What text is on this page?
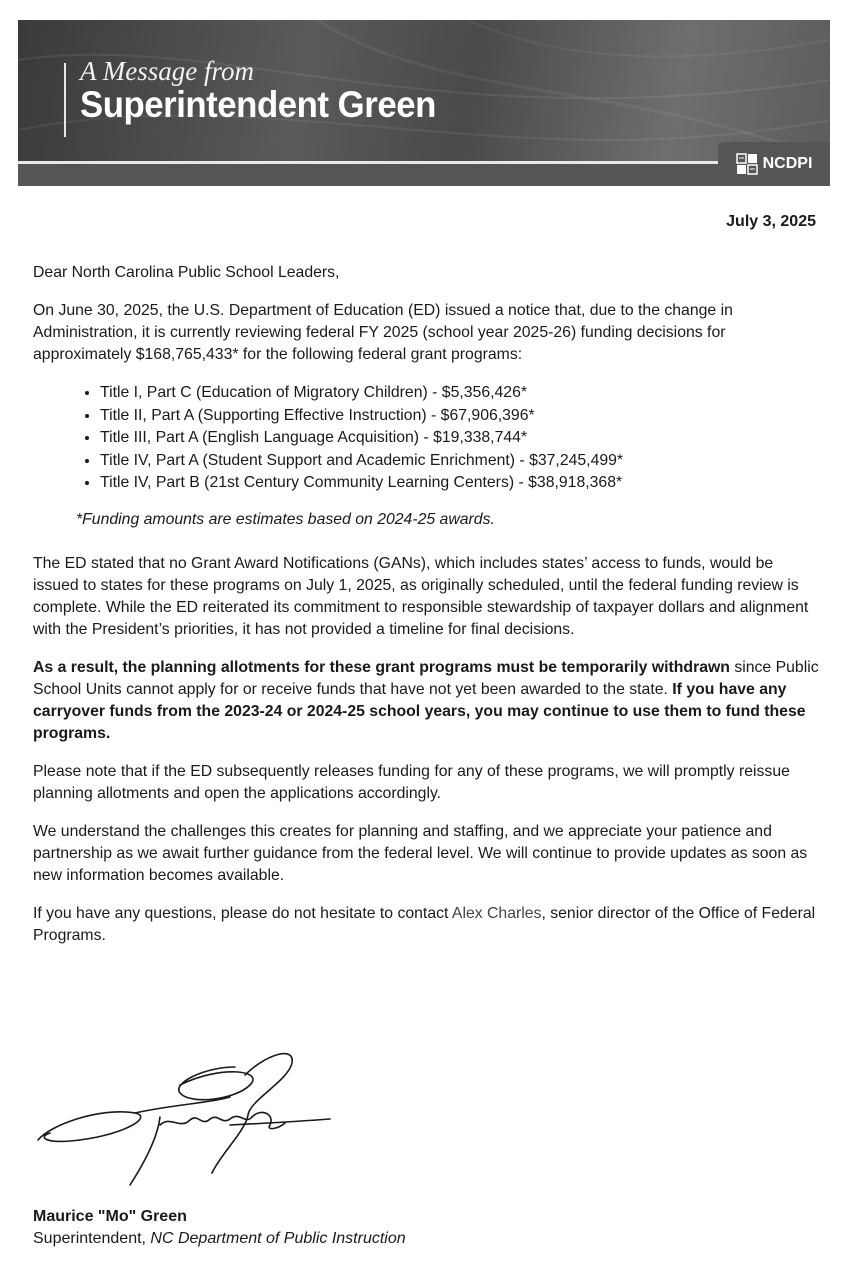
A Message from
Superintendent Green
NCDPI
July 3, 2025

Dear North Carolina Public School Leaders,

On June 30, 2025, the U.S. Department of Education (ED) issued a notice that, due to the change in Administration, it is currently reviewing federal FY 2025 (school year 2025-26) funding decisions for approximately $168,765,433* for the following federal grant programs:

• Title I, Part C (Education of Migratory Children) - $5,356,426*
• Title II, Part A (Supporting Effective Instruction) - $67,906,396*
• Title III, Part A (English Language Acquisition) - $19,338,744*
• Title IV, Part A (Student Support and Academic Enrichment) - $37,245,499*
• Title IV, Part B (21st Century Community Learning Centers) - $38,918,368*

*Funding amounts are estimates based on 2024-25 awards.

The ED stated that no Grant Award Notifications (GANs), which includes states’ access to funds, would be issued to states for these programs on July 1, 2025, as originally scheduled, until the federal funding review is complete. While the ED reiterated its commitment to responsible stewardship of taxpayer dollars and alignment with the President’s priorities, it has not provided a timeline for final decisions.

As a result, the planning allotments for these grant programs must be temporarily withdrawn since Public School Units cannot apply for or receive funds that have not yet been awarded to the state. If you have any carryover funds from the 2023-24 or 2024-25 school years, you may continue to use them to fund these programs.

Please note that if the ED subsequently releases funding for any of these programs, we will promptly reissue planning allotments and open the applications accordingly.

We understand the challenges this creates for planning and staffing, and we appreciate your patience and partnership as we await further guidance from the federal level. We will continue to provide updates as soon as new information becomes available.

If you have any questions, please do not hesitate to contact Alex Charles, senior director of the Office of Federal Programs.

Maurice "Mo" Green
Superintendent, NC Department of Public Instruction
